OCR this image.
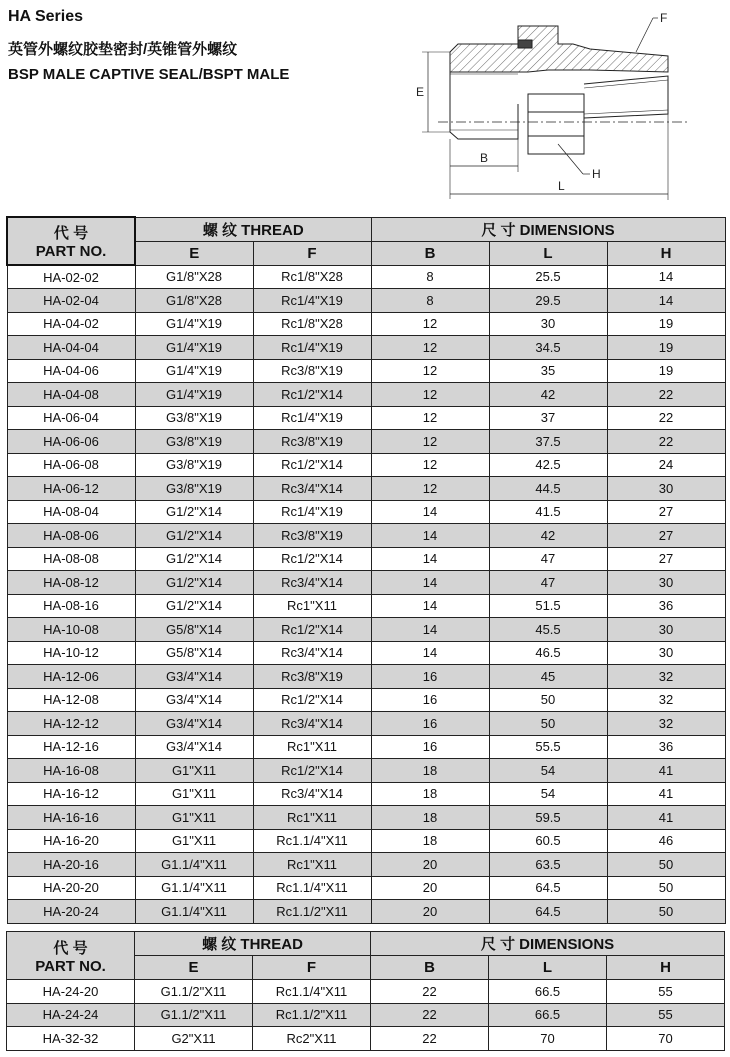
HA Series
英管外螺纹胶垫密封/英锥管外螺纹
BSP MALE CAPTIVE SEAL/BSPT MALE
F
E
B
L
H
代 号
PART NO.	螺 纹 THREAD		尺 寸 DIMENSIONS		
	E	F	B	L	H
HA-02-02	G1/8"X28	Rc1/8"X28	8	25.5	14
HA-02-04	G1/8"X28	Rc1/4"X19	8	29.5	14
HA-04-02	G1/4"X19	Rc1/8"X28	12	30	19
HA-04-04	G1/4"X19	Rc1/4"X19	12	34.5	19
HA-04-06	G1/4"X19	Rc3/8"X19	12	35	19
HA-04-08	G1/4"X19	Rc1/2"X14	12	42	22
HA-06-04	G3/8"X19	Rc1/4"X19	12	37	22
HA-06-06	G3/8"X19	Rc3/8"X19	12	37.5	22
HA-06-08	G3/8"X19	Rc1/2"X14	12	42.5	24
HA-06-12	G3/8"X19	Rc3/4"X14	12	44.5	30
HA-08-04	G1/2"X14	Rc1/4"X19	14	41.5	27
HA-08-06	G1/2"X14	Rc3/8"X19	14	42	27
HA-08-08	G1/2"X14	Rc1/2"X14	14	47	27
HA-08-12	G1/2"X14	Rc3/4"X14	14	47	30
HA-08-16	G1/2"X14	Rc1"X11	14	51.5	36
HA-10-08	G5/8"X14	Rc1/2"X14	14	45.5	30
HA-10-12	G5/8"X14	Rc3/4"X14	14	46.5	30
HA-12-06	G3/4"X14	Rc3/8"X19	16	45	32
HA-12-08	G3/4"X14	Rc1/2"X14	16	50	32
HA-12-12	G3/4"X14	Rc3/4"X14	16	50	32
HA-12-16	G3/4"X14	Rc1"X11	16	55.5	36
HA-16-08	G1"X11	Rc1/2"X14	18	54	41
HA-16-12	G1"X11	Rc3/4"X14	18	54	41
HA-16-16	G1"X11	Rc1"X11	18	59.5	41
HA-16-20	G1"X11	Rc1.1/4"X11	18	60.5	46
HA-20-16	G1.1/4"X11	Rc1"X11	20	63.5	50
HA-20-20	G1.1/4"X11	Rc1.1/4"X11	20	64.5	50
HA-20-24	G1.1/4"X11	Rc1.1/2"X11	20	64.5	50
代 号
PART NO.	螺 纹 THREAD		尺 寸 DIMENSIONS		
	E	F	B	L	H
HA-24-20	G1.1/2"X11	Rc1.1/4"X11	22	66.5	55
HA-24-24	G1.1/2"X11	Rc1.1/2"X11	22	66.5	55
HA-32-32	G2"X11	Rc2"X11	22	70	70
